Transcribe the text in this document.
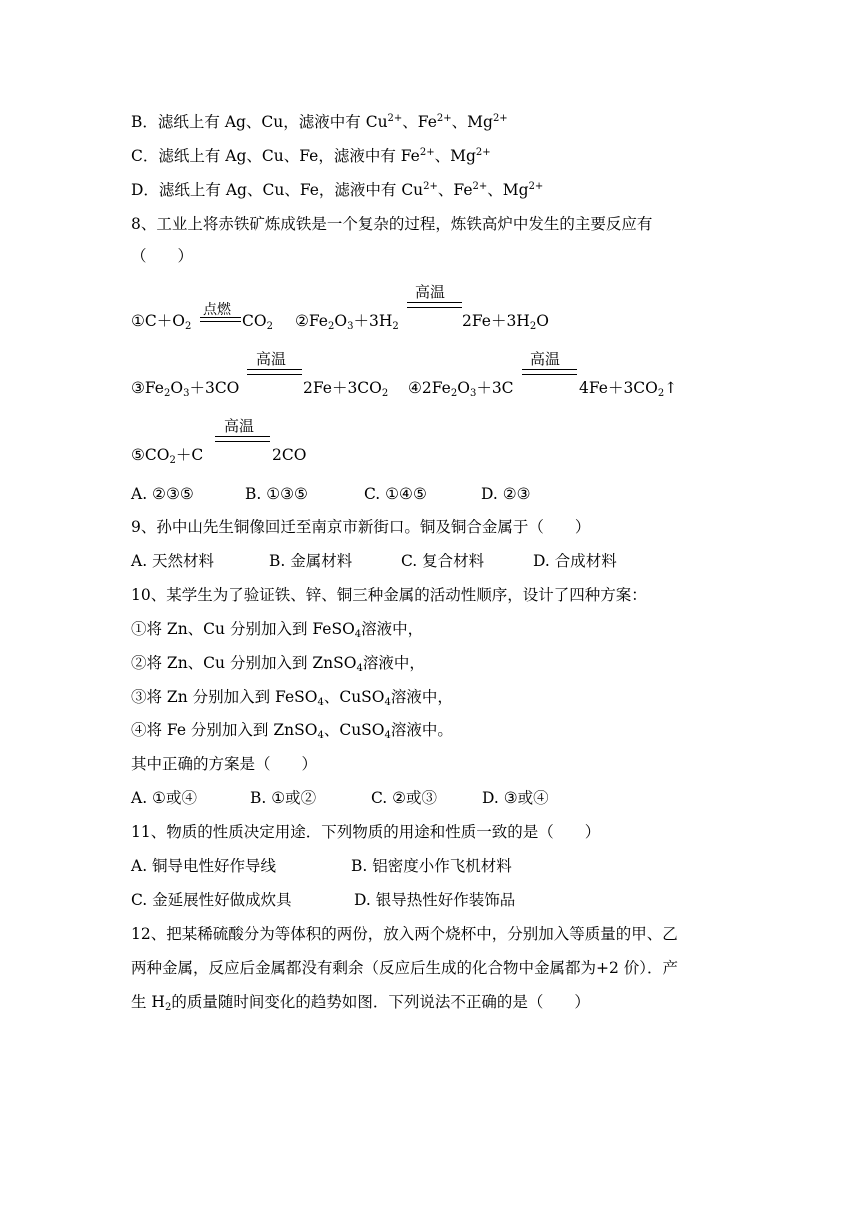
B．滤纸上有 Ag、Cu，滤液中有 $Cu^{2+}$、$Fe^{2+}$、$Mg^{2+}$
C．滤纸上有 Ag、Cu、Fe，滤液中有 $Fe^{2+}$、$Mg^{2+}$
D．滤纸上有 Ag、Cu、Fe，滤液中有 $Cu^{2+}$、$Fe^{2+}$、$Mg^{2+}$
8、工业上将赤铁矿炼成铁是一个复杂的过程，炼铁高炉中发生的主要反应有
（　　）
$①C+O_2$
点燃
$CO_2$ $②Fe_2O_3+3H_2$
高温
$2Fe+3H_2O$
$③Fe_2O_3+3CO$
高温
$2Fe+3CO_2$ $④2Fe_2O_3+3C$
高温
$4Fe+3CO_2↑$
$⑤CO_2+C$
高温
2CO
A. ②③⑤	B. ①③⑤	C. ①④⑤	D. ②③
9、孙中山先生铜像回迁至南京市新街口。铜及铜合金属于（　　）
A. 天然材料	B. 金属材料	C. 复合材料	D. 合成材料
10、某学生为了验证铁、锌、铜三种金属的活动性顺序，设计了四种方案：
①将 Zn、Cu 分别加入到 FeSO$_4$溶液中，
②将 Zn、Cu 分别加入到 ZnSO$_4$溶液中，
③将 Zn 分别加入到 FeSO$_4$、CuSO$_4$溶液中，
④将 Fe 分别加入到 ZnSO$_4$、CuSO$_4$溶液中。
其中正确的方案是（　　）
A. ①或④	B. ①或②	C. ②或③	D. ③或④
11、物质的性质决定用途．下列物质的用途和性质一致的是（　　）
A. 铜导电性好作导线	B. 铝密度小作飞机材料
C. 金延展性好做成炊具	D. 银导热性好作装饰品
12、把某稀硫酸分为等体积的两份，放入两个烧杯中，分别加入等质量的甲、乙
两种金属，反应后金属都没有剩余（反应后生成的化合物中金属都为+2 价）．产
生 $H_2$的质量随时间变化的趋势如图．下列说法不正确的是（　　）
